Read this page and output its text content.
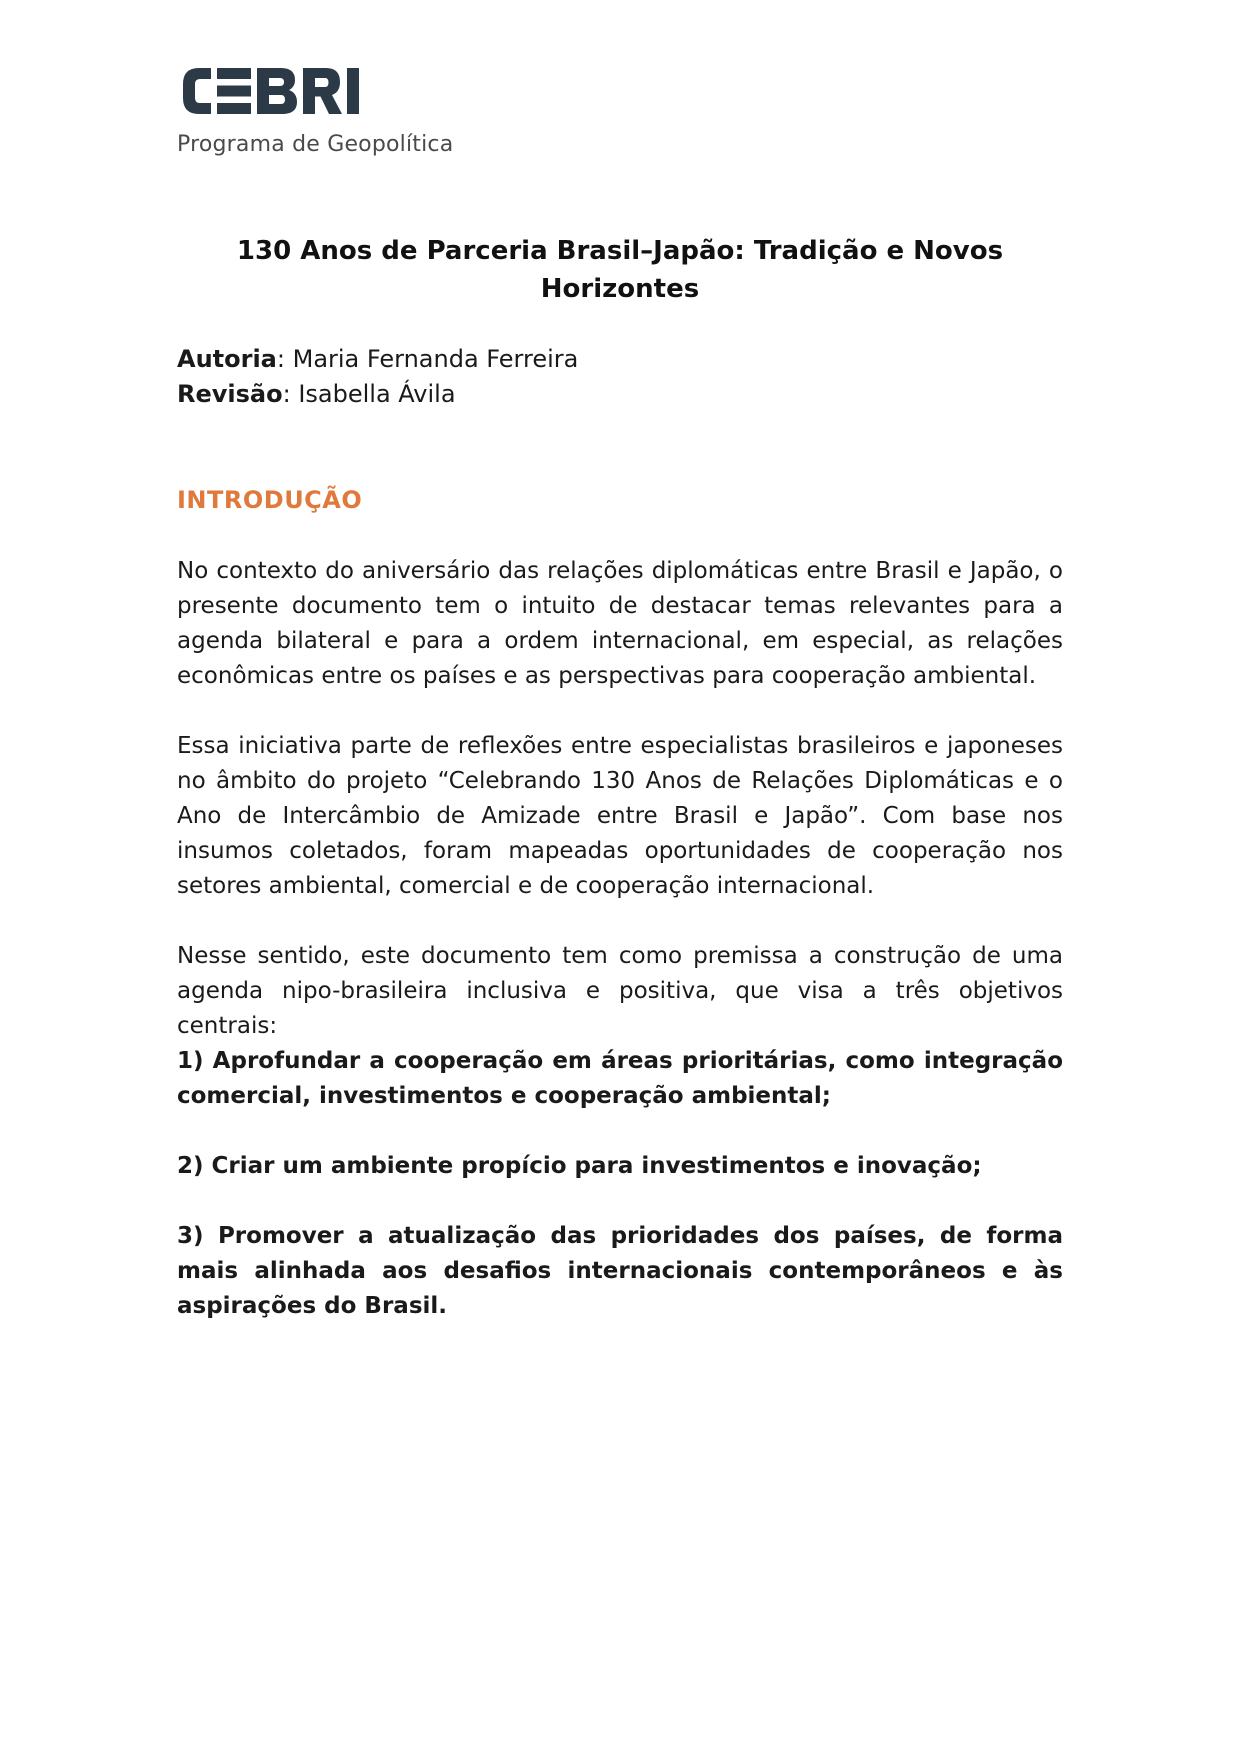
Programa de Geopolítica
130 Anos de Parceria Brasil–Japão: Tradição e Novos
Horizontes
Autoria: Maria Fernanda Ferreira
Revisão: Isabella Ávila
INTRODUÇÃO

No contexto do aniversário das relações diplomáticas entre Brasil e Japão, o presente documento tem o intuito de destacar temas relevantes para a agenda bilateral e para a ordem internacional, em especial, as relações econômicas entre os países e as perspectivas para cooperação ambiental.

Essa iniciativa parte de reflexões entre especialistas brasileiros e japoneses no âmbito do projeto “Celebrando 130 Anos de Relações Diplomáticas e o Ano de Intercâmbio de Amizade entre Brasil e Japão”. Com base nos insumos coletados, foram mapeadas oportunidades de cooperação nos setores ambiental, comercial e de cooperação internacional.

Nesse sentido, este documento tem como premissa a construção de uma agenda nipo-brasileira inclusiva e positiva, que visa a três objetivos centrais:

1) Aprofundar a cooperação em áreas prioritárias, como integração comercial, investimentos e cooperação ambiental;

2) Criar um ambiente propício para investimentos e inovação;

3) Promover a atualização das prioridades dos países, de forma mais alinhada aos desafios internacionais contemporâneos e às aspirações do Brasil.
